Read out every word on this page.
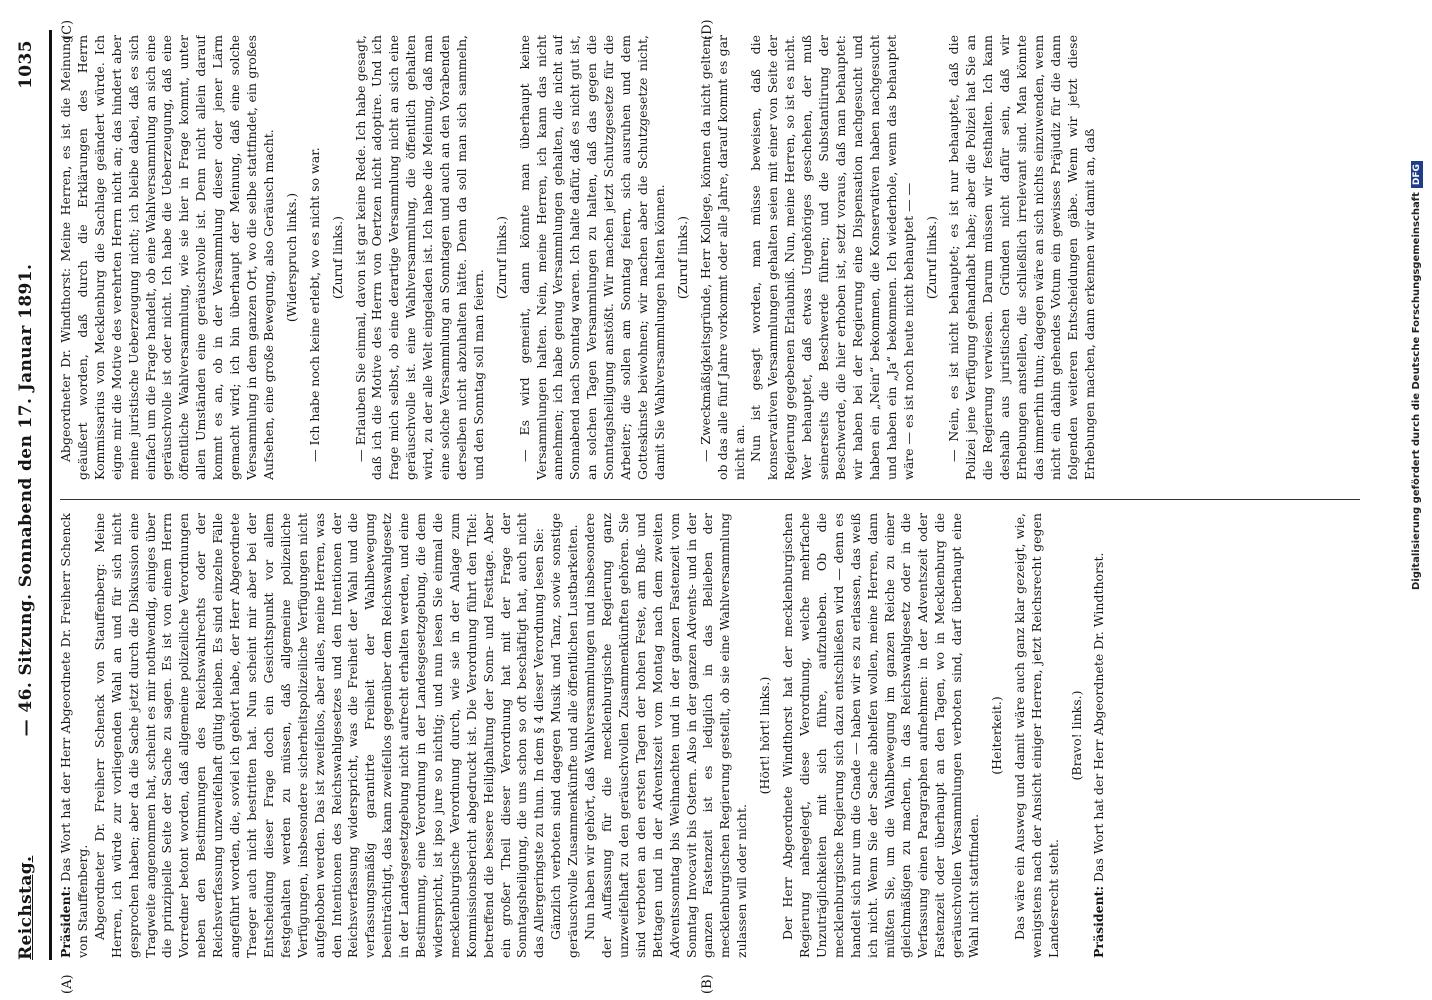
Reichstag.
— 46. Sitzung. Sonnabend den 17. Januar 1891.
1035

Präsident: Das Wort hat der Herr Abgeordnete Dr. Freiherr Schenck von Stauffenberg. Abgeordneter Dr. Freiherr Schenck von Stauffenberg: Meine Herren, ich würde zur vorliegenden Wahl an und für sich nicht gesprochen haben; aber da die Sache jetzt durch die Diskussion eine Tragweite angenommen hat, scheint es mir nothwendig, einiges über die prinzipielle Seite der Sache zu sagen. Es ist von einem Herrn Vorredner betont worden, daß allgemeine polizeiliche Verordnungen neben den Bestimmungen des Reichswahlrechts oder der Reichsverfassung unzweifelhaft gültig bleiben. Es sind einzelne Fälle angeführt worden, die, soviel ich gehört habe, der Herr Abgeordnete Traeger auch nicht bestritten hat. Nun scheint mir aber bei der Entscheidung dieser Frage doch ein Gesichtspunkt vor allem festgehalten werden zu müssen, daß allgemeine polizeiliche Verfügungen, insbesondere sicherheitspolizeiliche Verfügungen nicht aufgehoben werden. Das ist zweifellos, aber alles, meine Herren, was den Intentionen des Reichswahlgesetzes und den Intentionen der Reichsverfassung widerspricht, was die Freiheit der Wahl und die verfassungsmäßig garantirte Freiheit der Wahlbewegung beeinträchtigt, das kann zweifellos gegenüber dem Reichswahlgesetz in der Landesgesetzgebung nicht aufrecht erhalten werden, und eine Bestimmung, eine Verordnung in der Landesgesetzgebung, die dem widerspricht, ist ipso jure so nichtig; und nun lesen Sie einmal die mecklenburgische Verordnung durch, wie sie in der Anlage zum Kommissionsbericht abgedruckt ist. Die Verordnung führt den Titel: betreffend die bessere Heilighaltung der Sonn- und Festtage. Aber ein großer Theil dieser Verordnung hat mit der Frage der Sonntagsheiligung, die uns schon so oft beschäftigt hat, auch nicht das Allergeringste zu thun. In dem § 4 dieser Verordnung lesen Sie: Gänzlich verboten sind dagegen Musik und Tanz, sowie sonstige geräuschvolle Zusammenkünfte und alle öffentlichen Lustbarkeiten. Nun haben wir gehört, daß Wahlversammlungen und insbesondere der Auffassung für die mecklenburgische Regierung ganz unzweifelhaft zu den geräuschvollen Zusammenkünften gehören. Sie sind verboten an den ersten Tagen der hohen Feste, am Buß- und Bettagen und in der Adventszeit vom Montag nach dem zweiten Adventssonntag bis Weihnachten und in der ganzen Fastenzeit vom Sonntag Invocavit bis Ostern. Also in der ganzen Advents- und in der ganzen Fastenzeit ist es lediglich in das Belieben der mecklenburgischen Regierung gestellt, ob sie eine Wahlversammlung zulassen will oder nicht.

(Hört! hört! links.) Der Herr Abgeordnete Windthorst hat der mecklenburgischen Regierung nahegelegt, diese Verordnung, welche mehrfache Unzuträglichkeiten mit sich führe, aufzuheben. Ob die mecklenburgische Regierung sich dazu entschließen wird — denn es handelt sich nur um die Gnade — haben wir es zu erlassen, das weiß ich nicht. Wenn Sie der Sache abhelfen wollen, meine Herren, dann müßten Sie, um die Wahlbewegung im ganzen Reiche zu einer gleichmäßigen zu machen, in das Reichswahlgesetz oder in die Verfassung einen Paragraphen aufnehmen: in der Adventszeit oder Fastenzeit oder überhaupt an den Tagen, wo in Mecklenburg die geräuschvollen Versammlungen verboten sind, darf überhaupt eine Wahl nicht stattfinden.

(Heiterkeit.) Das wäre ein Ausweg und damit wäre auch ganz klar gezeigt, wie, wenigstens nach der Ansicht einiger Herren, jetzt Reichsrecht gegen Landesrecht steht.

(Bravo! links.)

Präsident: Das Wort hat der Herr Abgeordnete Dr. Windthorst.

Abgeordneter Dr. Windthorst: Meine Herren, es ist die Meinung geäußert worden, daß durch die Erklärungen des Herrn Kommissarius von Mecklenburg die Sachlage geändert würde. Ich eigne mir die Motive des verehrten Herrn nicht an; das hindert aber meine juristische Ueberzeugung nicht; ich bleibe dabei, daß es sich einfach um die Frage handelt, ob eine Wahlversammlung an sich eine geräuschvolle ist oder nicht. Ich habe die Ueberzeugung, daß eine öffentliche Wahlversammlung, wie sie hier in Frage kommt, unter allen Umständen eine geräuschvolle ist. Denn nicht allein darauf kommt es an, ob in der Versammlung dieser oder jener Lärm gemacht wird; ich bin überhaupt der Meinung, daß eine solche Versammlung in dem ganzen Ort, wo die selbe stattfindet, ein großes Aufsehen, eine große Bewegung, also Geräusch macht. (Widerspruch links.) — Ich habe noch keine erlebt, wo es nicht so war. (Zuruf links.) — Erlauben Sie einmal, davon ist gar keine Rede. Ich habe gesagt, daß ich die Motive des Herrn von Oertzen nicht adoptire. Und ich frage mich selbst, ob eine derartige Versammlung nicht an sich eine geräuschvolle ist. eine Wahlversammlung, die öffentlich gehalten wird, zu der alle Welt eingeladen ist. Ich habe die Meinung, daß man eine solche Versammlung an Sonntagen und auch an den Vorabenden derselben nicht abzuhalten hätte. Denn da soll man sich sammeln, und den Sonntag soll man feiern.

(Zuruf links.) — Es wird gemeint, dann könnte man überhaupt keine Versammlungen halten. Nein, meine Herren, ich kann das nicht annehmen; ich habe genug Versammlungen gehalten, die nicht auf Sonnabend nach Sonntag waren. Ich halte dafür, daß es nicht gut ist, an solchen Tagen Versammlungen zu halten, daß das gegen die Sonntagsheiligung anstößt. Wir machen jetzt Schutzgesetze für die Arbeiter; die sollen am Sonntag feiern, sich ausruhen und dem Gotteskinste beiwohnen; wir machen aber die Schutzgesetze nicht, damit Sie Wahlversammlungen halten können. (Zuruf links.) — Zweckmäßigkeitsgründe, Herr Kollege, können da nicht gelten; ob das alle fünf Jahre vorkommt oder alle Jahre, darauf kommt es gar nicht an. Nun ist gesagt worden, man müsse beweisen, daß die konservativen Versammlungen gehalten seien mit einer von Seite der Regierung gegebenen Erlaubniß. Nun, meine Herren, so ist es nicht. Wer behauptet, daß etwas Ungehöriges geschehen, der muß seinerseits die Beschwerde führen; und die Substantiirung der Beschwerde, die hier erhoben ist, setzt voraus, daß man behauptet: wir haben bei der Regierung eine Dispensation nachgesucht und haben ein „Nein“ bekommen, die Konservativen haben nachgesucht und haben ein „Ja“ bekommen. Ich wiederhole, wenn das behauptet wäre — es ist noch heute nicht behauptet — — (Zuruf links.) — Nein, es ist nicht behauptet; es ist nur behauptet, daß die Polizei jene Verfügung gehandhabt habe; aber die Polizei hat Sie an die Regierung verwiesen. Darum müssen wir festhalten. Ich kann deshalb aus juristischen Gründen nicht dafür sein, daß wir Erhebungen anstellen, die schließlich irrelevant sind. Man könnte das immerhin thun; dagegen wäre an sich nichts einzuwenden, wenn nicht ein dahin gehendes Votum ein gewisses Präjudiz für die dann folgenden weiteren Entscheidungen gäbe. Wenn wir jetzt diese Erhebungen machen, dann erkennen wir damit an, daß

(A)	(B)
(C)	(D)
Digitalisierung gefördert durch die Deutsche ForschungsgemeinschaftDFG
